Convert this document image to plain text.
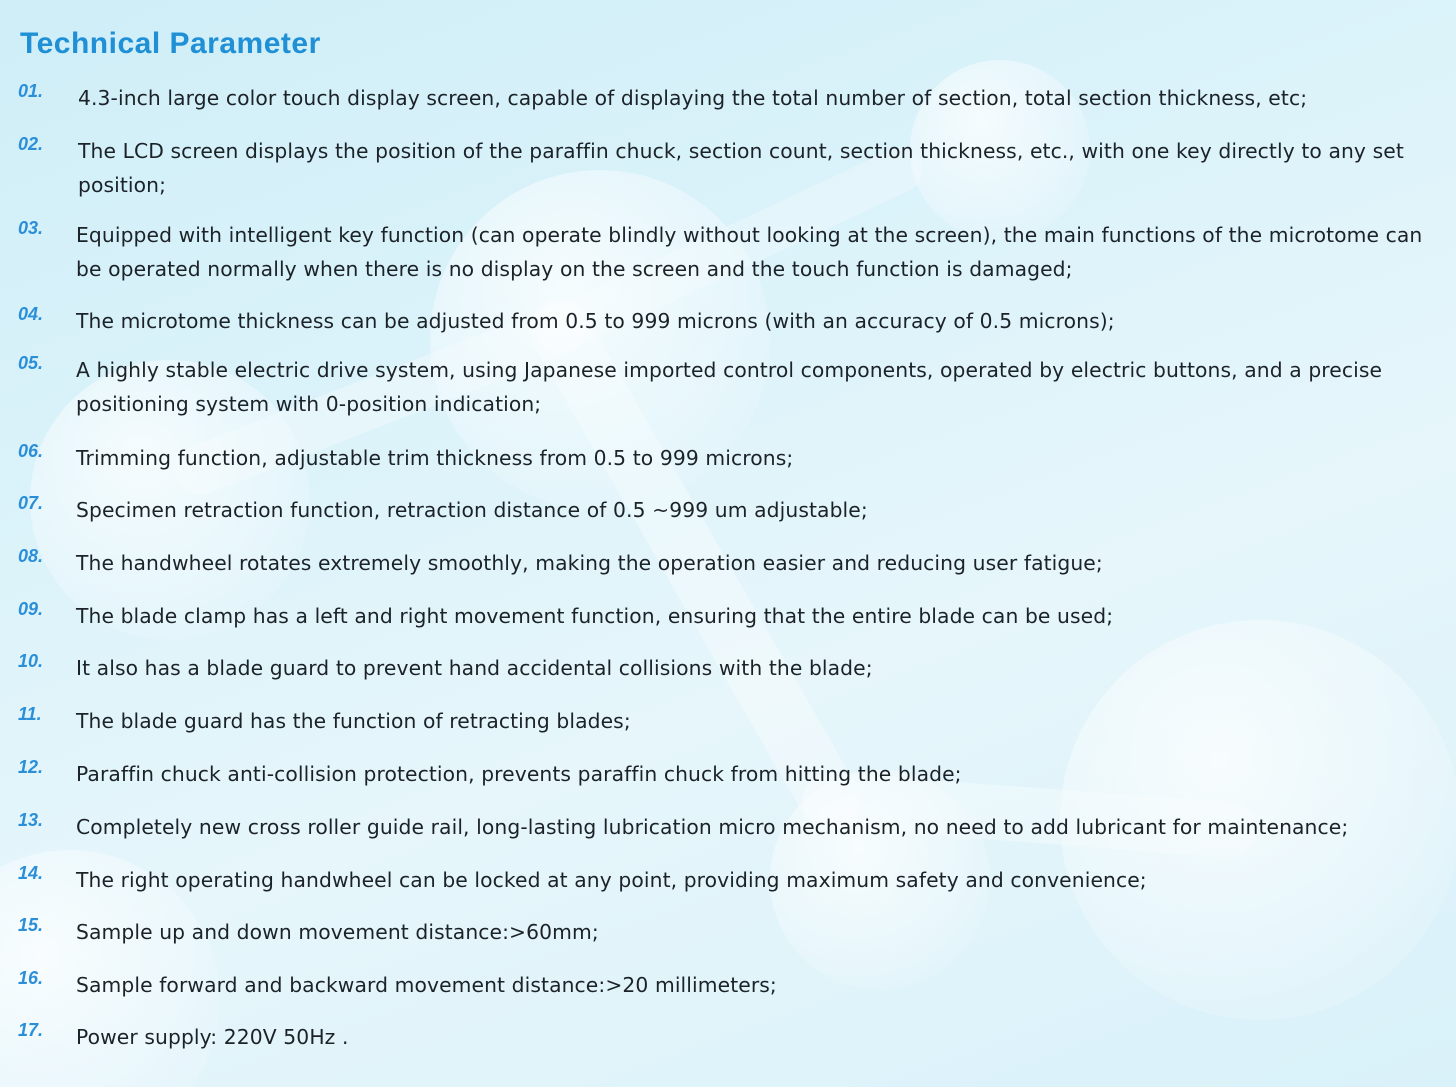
Technical Parameter
01. 4.3-inch large color touch display screen, capable of displaying the total number of section, total section thickness, etc;
02. The LCD screen displays the position of the paraffin chuck, section count, section thickness, etc., with one key directly to any set position;
03. Equipped with intelligent key function (can operate blindly without looking at the screen), the main functions of the microtome can be operated normally when there is no display on the screen and the touch function is damaged;
04. The microtome thickness can be adjusted from 0.5 to 999 microns (with an accuracy of 0.5 microns);
05. A highly stable electric drive system, using Japanese imported control components, operated by electric buttons, and a precise positioning system with 0-position indication;
06. Trimming function, adjustable trim thickness from 0.5 to 999 microns;
07. Specimen retraction function, retraction distance of 0.5 ~999 um adjustable;
08. The handwheel rotates extremely smoothly, making the operation easier and reducing user fatigue;
09. The blade clamp has a left and right movement function, ensuring that the entire blade can be used;
10. It also has a blade guard to prevent hand accidental collisions with the blade;
11. The blade guard has the function of retracting blades;
12. Paraffin chuck anti-collision protection, prevents paraffin chuck from hitting the blade;
13. Completely new cross roller guide rail, long-lasting lubrication micro mechanism, no need to add lubricant for maintenance;
14. The right operating handwheel can be locked at any point, providing maximum safety and convenience;
15. Sample up and down movement distance:>60mm;
16. Sample forward and backward movement distance:>20 millimeters;
17. Power supply: 220V 50Hz .
